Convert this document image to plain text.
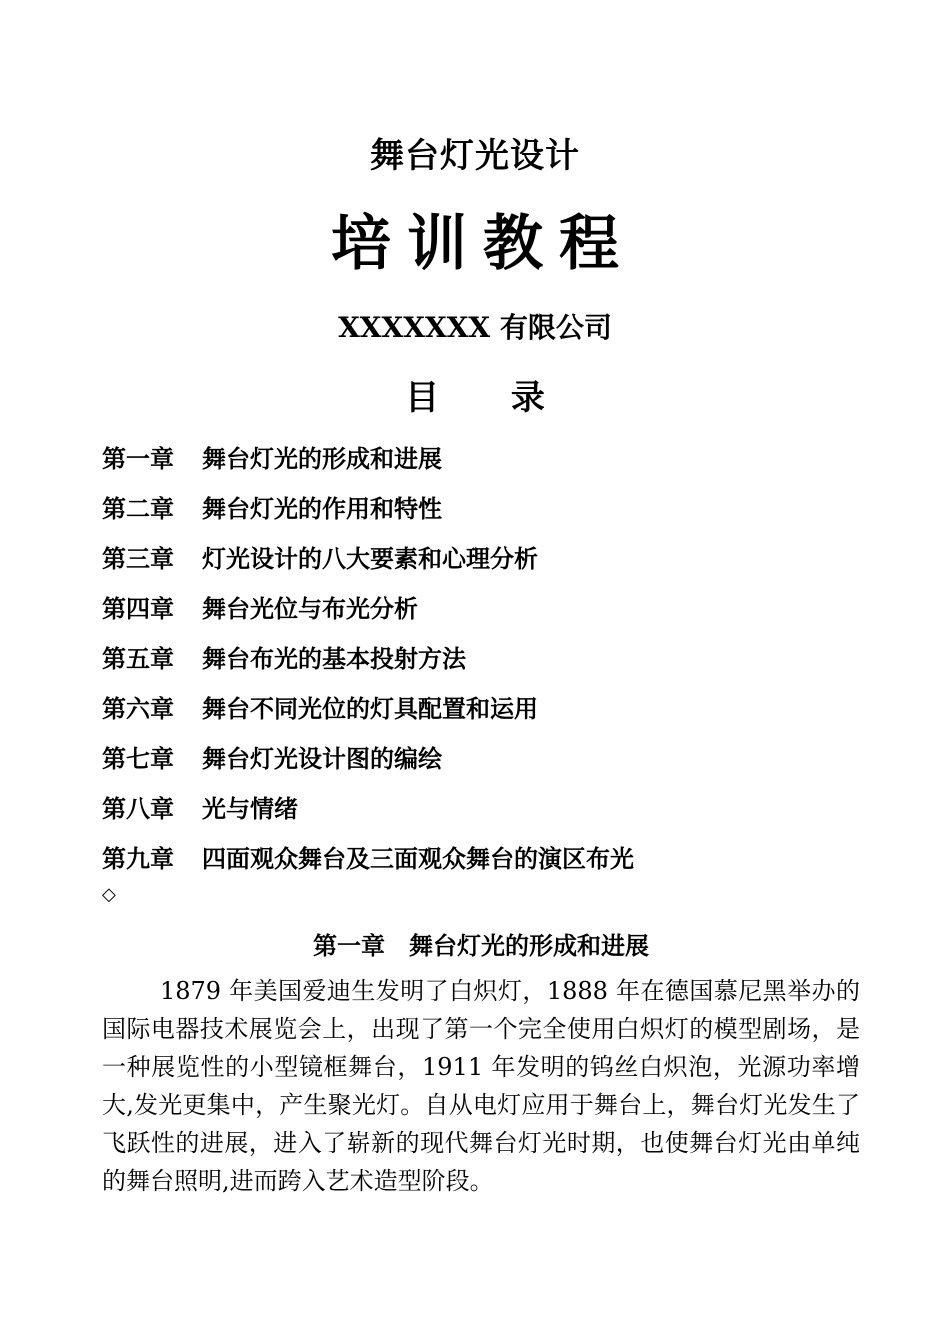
舞台灯光设计
培训教程
XXXXXXX 有限公司
目 录
第一章 舞台灯光的形成和进展
第二章 舞台灯光的作用和特性
第三章 灯光设计的八大要素和心理分析
第四章 舞台光位与布光分析
第五章 舞台布光的基本投射方法
第六章 舞台不同光位的灯具配置和运用
第七章 舞台灯光设计图的编绘
第八章 光与情绪
第九章 四面观众舞台及三面观众舞台的演区布光
◇
第一章 舞台灯光的形成和进展

1879 年美国爱迪生发明了白炽灯，1888 年在德国慕尼黑举办的国际电器技术展览会上，出现了第一个完全使用白炽灯的模型剧场，是一种展览性的小型镜框舞台，1911 年发明的钨丝白炽泡，光源功率增大,发光更集中，产生聚光灯。自从电灯应用于舞台上，舞台灯光发生了飞跃性的进展，进入了崭新的现代舞台灯光时期，也使舞台灯光由单纯的舞台照明,进而跨入艺术造型阶段。
